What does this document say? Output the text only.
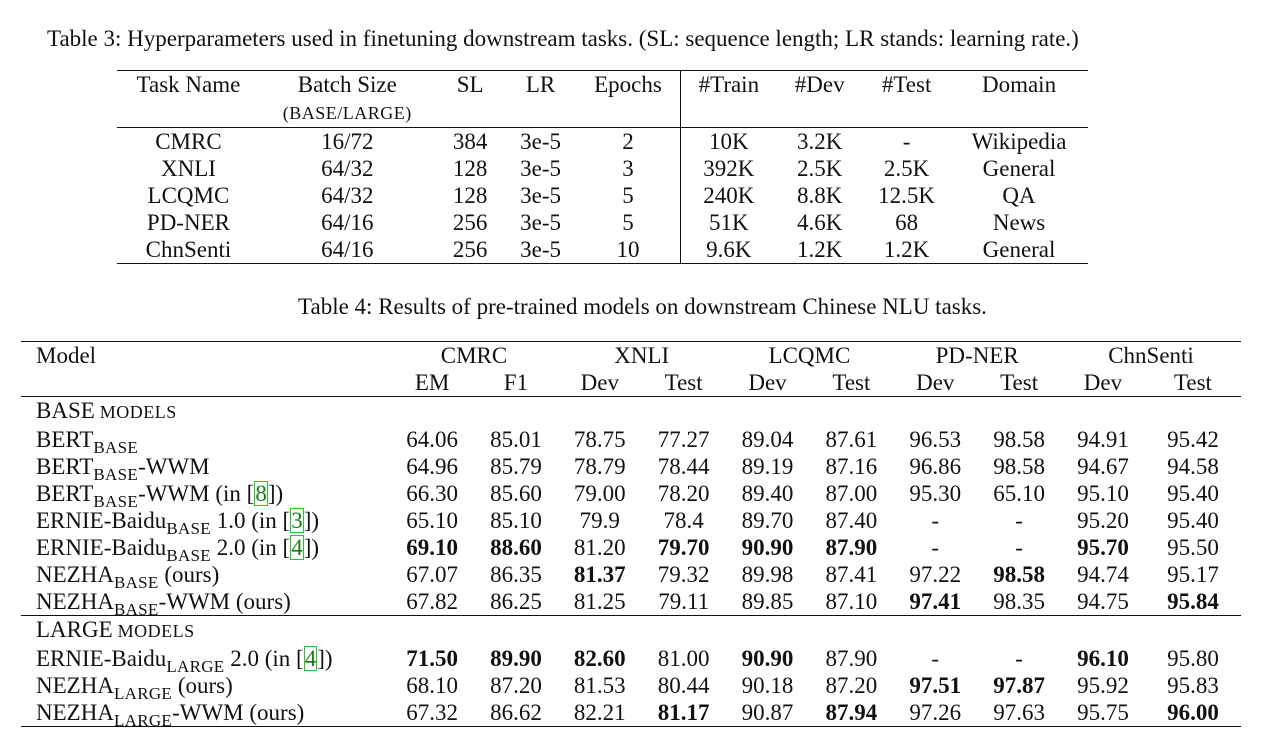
Table 3: Hyperparameters used in finetuning downstream tasks. (SL: sequence length; LR stands: learning rate.)
Task Name	Batch Size	SL	LR	Epochs	#Train	#Dev	#Test	Domain
	(BASE/LARGE)							
CMRC	16/72	384	3e-5	2	10K	3.2K	-	Wikipedia
XNLI	64/32	128	3e-5	3	392K	2.5K	2.5K	General
LCQMC	64/32	128	3e-5	5	240K	8.8K	12.5K	QA
PD-NER	64/16	256	3e-5	5	51K	4.6K	68	News
ChnSenti	64/16	256	3e-5	10	9.6K	1.2K	1.2K	General
Table 4: Results of pre-trained models on downstream Chinese NLU tasks.
Model	CMRC		XNLI		LCQMC		PD-NER		ChnSenti	
	EM	F1	Dev	Test	Dev	Test	Dev	Test	Dev	Test
BASE MODELS										
$BERT_{BASE}$	64.06	85.01	78.75	77.27	89.04	87.61	96.53	98.58	94.91	95.42
$BERT_{BASE}$-WWM	64.96	85.79	78.79	78.44	89.19	87.16	96.86	98.58	94.67	94.58
$BERT_{BASE}$-WWM (in [8])	66.30	85.60	79.00	78.20	89.40	87.00	95.30	65.10	95.10	95.40
ERNIE-Baidu$_{BASE}$ 1.0 (in [3])	65.10	85.10	79.9	78.4	89.70	87.40	-	-	95.20	95.40
ERNIE-Baidu$_{BASE}$ 2.0 (in [4])	69.10	88.60	81.20	79.70	90.90	87.90	-	-	95.70	95.50
$NEZHA_{BASE}$ (ours)	67.07	86.35	81.37	79.32	89.98	87.41	97.22	98.58	94.74	95.17
$NEZHA_{BASE}$-WWM (ours)	67.82	86.25	81.25	79.11	89.85	87.10	97.41	98.35	94.75	95.84
LARGE MODELS										
ERNIE-Baidu$_{LARGE}$ 2.0 (in [4])	71.50	89.90	82.60	81.00	90.90	87.90	-	-	96.10	95.80
$NEZHA_{LARGE}$ (ours)	68.10	87.20	81.53	80.44	90.18	87.20	97.51	97.87	95.92	95.83
$NEZHA_{LARGE}$-WWM (ours)	67.32	86.62	82.21	81.17	90.87	87.94	97.26	97.63	95.75	96.00
